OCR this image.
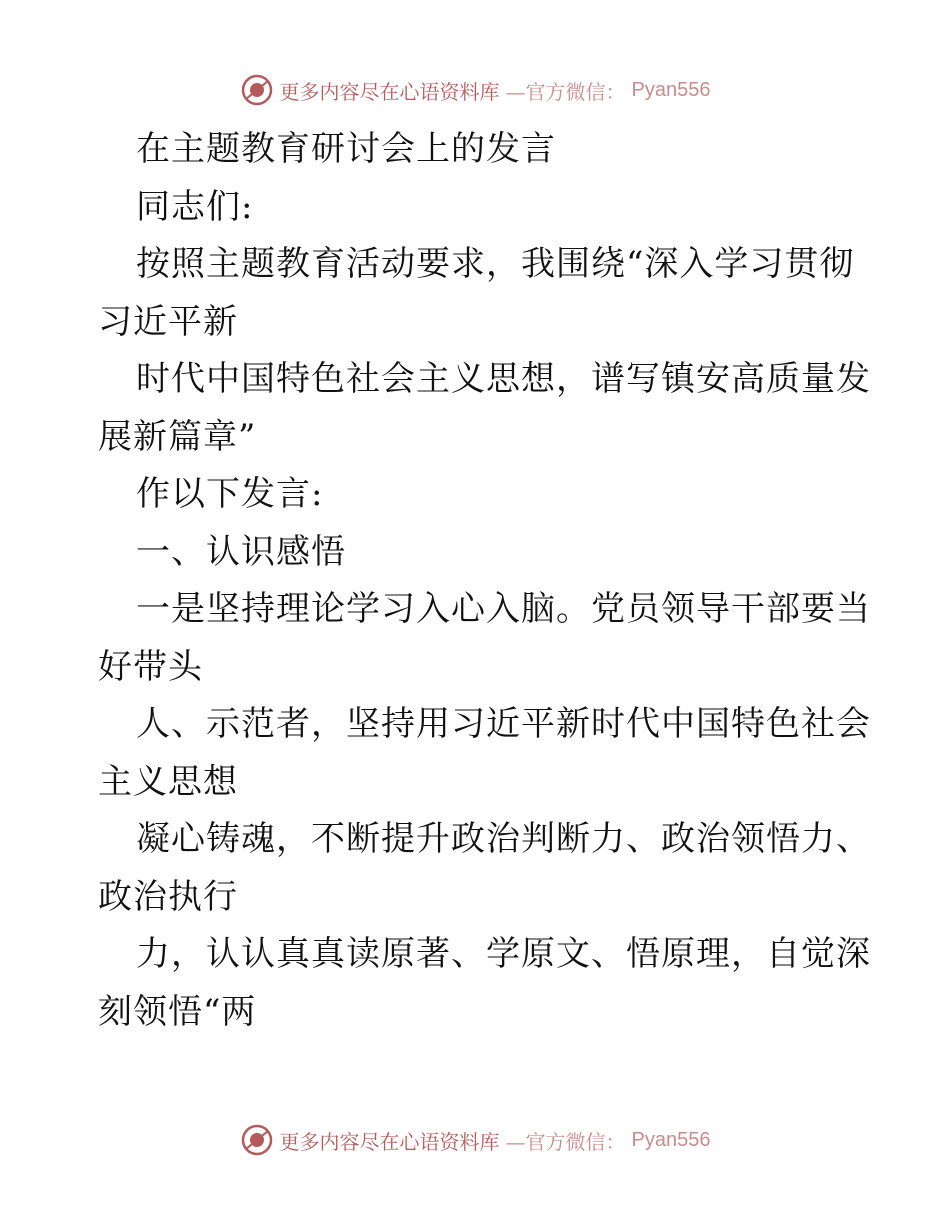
更多内容尽在心语资料库 —官方微信： Pyan556
在主题教育研讨会上的发言
同志们:
按照主题教育活动要求，我围绕“深入学习贯彻
习近平新
时代中国特色社会主义思想，谱写镇安高质量发
展新篇章”
作以下发言:
一、认识感悟
一是坚持理论学习入心入脑。党员领导干部要当
好带头
人、示范者，坚持用习近平新时代中国特色社会
主义思想
凝心铸魂，不断提升政治判断力、政治领悟力、
政治执行
力，认认真真读原著、学原文、悟原理，自觉深
刻领悟“两
更多内容尽在心语资料库 —官方微信： Pyan556
